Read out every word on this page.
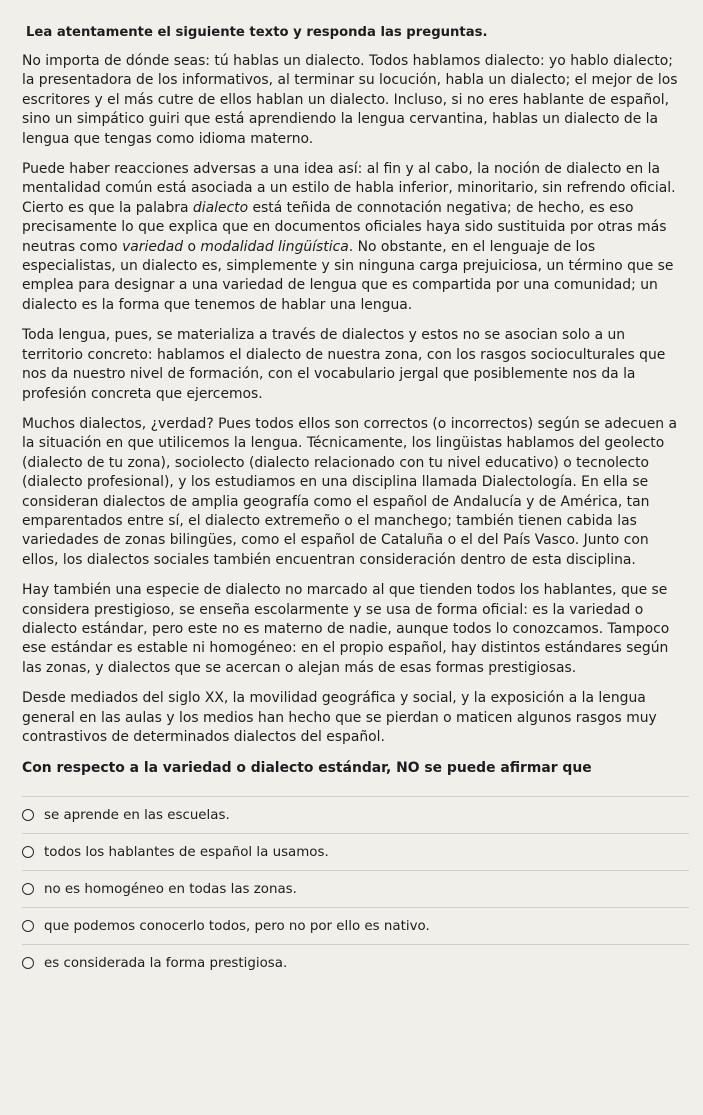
Lea atentamente el siguiente texto y responda las preguntas.

No importa de dónde seas: tú hablas un dialecto. Todos hablamos dialecto: yo hablo dialecto; la presentadora de los informativos, al terminar su locución, habla un dialecto; el mejor de los escritores y el más cutre de ellos hablan un dialecto. Incluso, si no eres hablante de español, sino un simpático guiri que está aprendiendo la lengua cervantina, hablas un dialecto de la lengua que tengas como idioma materno.

Puede haber reacciones adversas a una idea así: al fin y al cabo, la noción de dialecto en la mentalidad común está asociada a un estilo de habla inferior, minoritario, sin refrendo oficial. Cierto es que la palabra dialecto está teñida de connotación negativa; de hecho, es eso precisamente lo que explica que en documentos oficiales haya sido sustituida por otras más neutras como variedad o modalidad lingüística. No obstante, en el lenguaje de los especialistas, un dialecto es, simplemente y sin ninguna carga prejuiciosa, un término que se emplea para designar a una variedad de lengua que es compartida por una comunidad; un dialecto es la forma que tenemos de hablar una lengua.

Toda lengua, pues, se materializa a través de dialectos y estos no se asocian solo a un territorio concreto: hablamos el dialecto de nuestra zona, con los rasgos socioculturales que nos da nuestro nivel de formación, con el vocabulario jergal que posiblemente nos da la profesión concreta que ejercemos.

Muchos dialectos, ¿verdad? Pues todos ellos son correctos (o incorrectos) según se adecuen a la situación en que utilicemos la lengua. Técnicamente, los lingüistas hablamos del geolecto (dialecto de tu zona), sociolecto (dialecto relacionado con tu nivel educativo) o tecnolecto (dialecto profesional), y los estudiamos en una disciplina llamada Dialectología. En ella se consideran dialectos de amplia geografía como el español de Andalucía y de América, tan emparentados entre sí, el dialecto extremeño o el manchego; también tienen cabida las variedades de zonas bilingües, como el español de Cataluña o el del País Vasco. Junto con ellos, los dialectos sociales también encuentran consideración dentro de esta disciplina.

Hay también una especie de dialecto no marcado al que tienden todos los hablantes, que se considera prestigioso, se enseña escolarmente y se usa de forma oficial: es la variedad o dialecto estándar, pero este no es materno de nadie, aunque todos lo conozcamos. Tampoco ese estándar es estable ni homogéneo: en el propio español, hay distintos estándares según las zonas, y dialectos que se acercan o alejan más de esas formas prestigiosas.

Desde mediados del siglo XX, la movilidad geográfica y social, y la exposición a la lengua general en las aulas y los medios han hecho que se pierdan o maticen algunos rasgos muy contrastivos de determinados dialectos del español.

Con respecto a la variedad o dialecto estándar, NO se puede afirmar que
se aprende en las escuelas.
todos los hablantes de español la usamos.
no es homogéneo en todas las zonas.
que podemos conocerlo todos, pero no por ello es nativo.
es considerada la forma prestigiosa.
